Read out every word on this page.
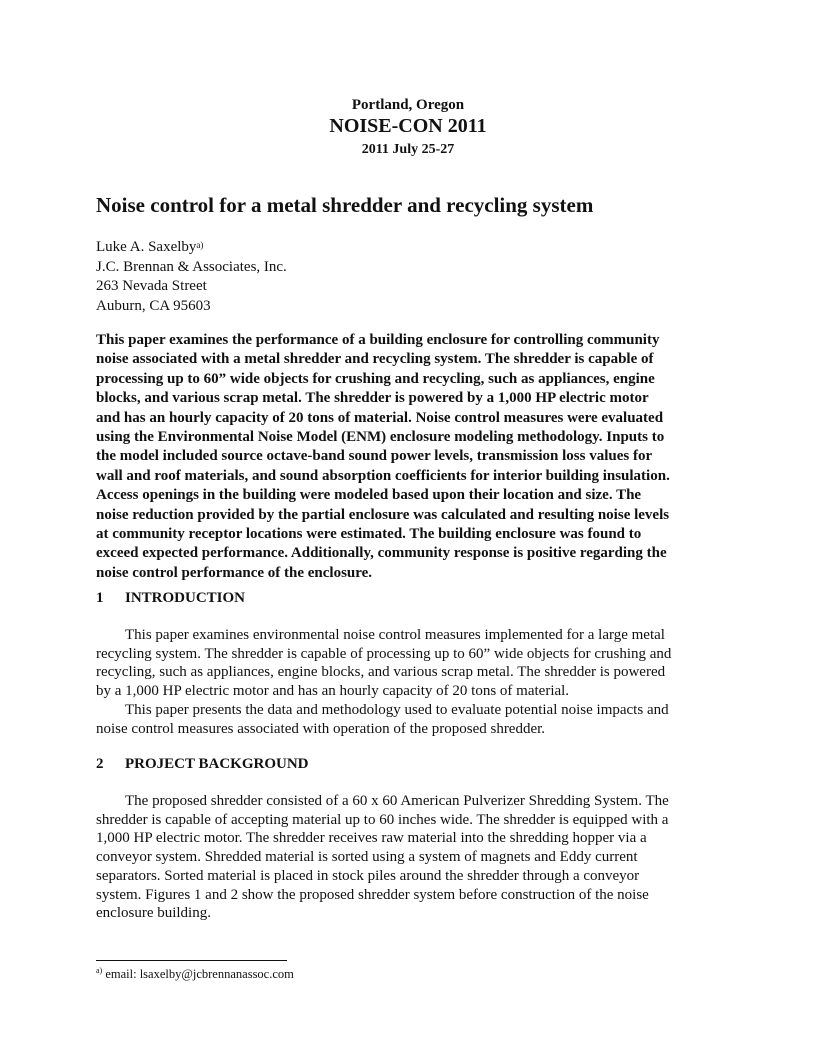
Portland, Oregon
NOISE-CON 2011
2011 July 25-27
Noise control for a metal shredder and recycling system
Luke A. Saxelby$^{a)}$
J.C. Brennan & Associates, Inc.
263 Nevada Street
Auburn, CA 95603
This paper examines the performance of a building enclosure for controlling community
noise associated with a metal shredder and recycling system. The shredder is capable of
processing up to 60” wide objects for crushing and recycling, such as appliances, engine
blocks, and various scrap metal. The shredder is powered by a 1,000 HP electric motor
and has an hourly capacity of 20 tons of material. Noise control measures were evaluated
using the Environmental Noise Model (ENM) enclosure modeling methodology. Inputs to
the model included source octave-band sound power levels, transmission loss values for
wall and roof materials, and sound absorption coefficients for interior building insulation.
Access openings in the building were modeled based upon their location and size. The
noise reduction provided by the partial enclosure was calculated and resulting noise levels
at community receptor locations were estimated. The building enclosure was found to
exceed expected performance. Additionally, community response is positive regarding the
noise control performance of the enclosure.
1 INTRODUCTION
This paper examines environmental noise control measures implemented for a large metal
recycling system. The shredder is capable of processing up to 60” wide objects for crushing and
recycling, such as appliances, engine blocks, and various scrap metal. The shredder is powered
by a 1,000 HP electric motor and has an hourly capacity of 20 tons of material.
This paper presents the data and methodology used to evaluate potential noise impacts and
noise control measures associated with operation of the proposed shredder.
2 PROJECT BACKGROUND
The proposed shredder consisted of a 60 x 60 American Pulverizer Shredding System. The
shredder is capable of accepting material up to 60 inches wide. The shredder is equipped with a
1,000 HP electric motor. The shredder receives raw material into the shredding hopper via a
conveyor system. Shredded material is sorted using a system of magnets and Eddy current
separators. Sorted material is placed in stock piles around the shredder through a conveyor
system. Figures 1 and 2 show the proposed shredder system before construction of the noise
enclosure building.
$^{a)}$ email: lsaxelby@jcbrennanassoc.com
